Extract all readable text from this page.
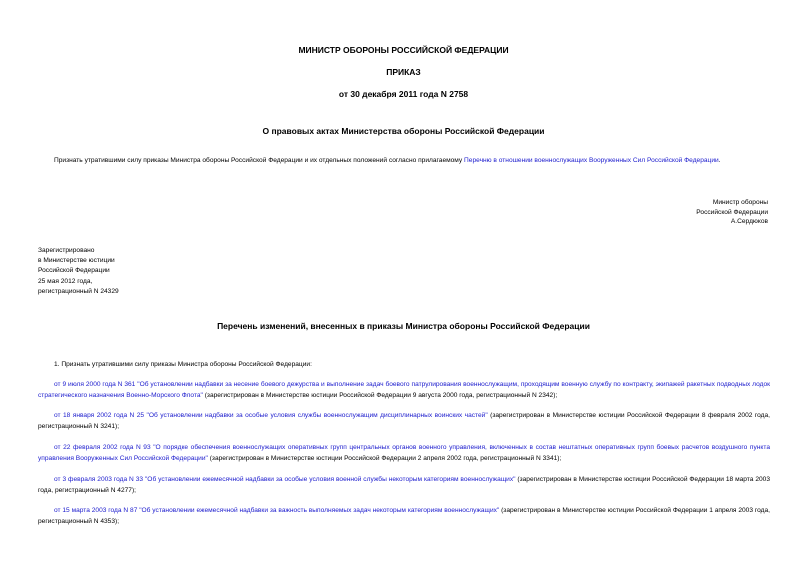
МИНИСТР ОБОРОНЫ РОССИЙСКОЙ ФЕДЕРАЦИИ
ПРИКАЗ
от 30 декабря 2011 года N 2758
О правовых актах Министерства обороны Российской Федерации
Признать утратившими силу приказы Министра обороны Российской Федерации и их отдельных положений согласно прилагаемому Перечню в отношении военнослужащих Вооруженных Сил Российской Федерации.
Министр обороны
Российской Федерации
А.Сердюков
Зарегистрировано
в Министерстве юстиции
Российской Федерации
25 мая 2012 года,
регистрационный N 24329
Перечень изменений, внесенных в приказы Министра обороны Российской Федерации
1. Признать утратившими силу приказы Министра обороны Российской Федерации:
от 9 июля 2000 года N 361 "Об установлении надбавки за несение боевого дежурства и выполнение задач боевого патрулирования военнослужащим, проходящим военную службу по контракту, экипажей ракетных подводных лодок стратегического назначения Военно-Морского Флота" (зарегистрирован в Министерстве юстиции Российской Федерации 9 августа 2000 года, регистрационный N 2342);
от 18 января 2002 года N 25 "Об установлении надбавки за особые условия службы военнослужащим дисциплинарных воинских частей" (зарегистрирован в Министерстве юстиции Российской Федерации 8 февраля 2002 года, регистрационный N 3241);
от 22 февраля 2002 года N 93 "О порядке обеспечения военнослужащих оперативных групп центральных органов военного управления, включенных в состав нештатных оперативных групп боевых расчетов воздушного пункта управления Вооруженных Сил Российской Федерации" (зарегистрирован в Министерстве юстиции Российской Федерации 2 апреля 2002 года, регистрационный N 3341);
от 3 февраля 2003 года N 33 "Об установлении ежемесячной надбавки за особые условия военной службы некоторым категориям военнослужащих" (зарегистрирован в Министерстве юстиции Российской Федерации 18 марта 2003 года, регистрационный N 4277);
от 15 марта 2003 года N 87 "Об установлении ежемесячной надбавки за важность выполняемых задач некоторым категориям военнослужащих" (зарегистрирован в Министерстве юстиции Российской Федерации 1 апреля 2003 года, регистрационный N 4353);
